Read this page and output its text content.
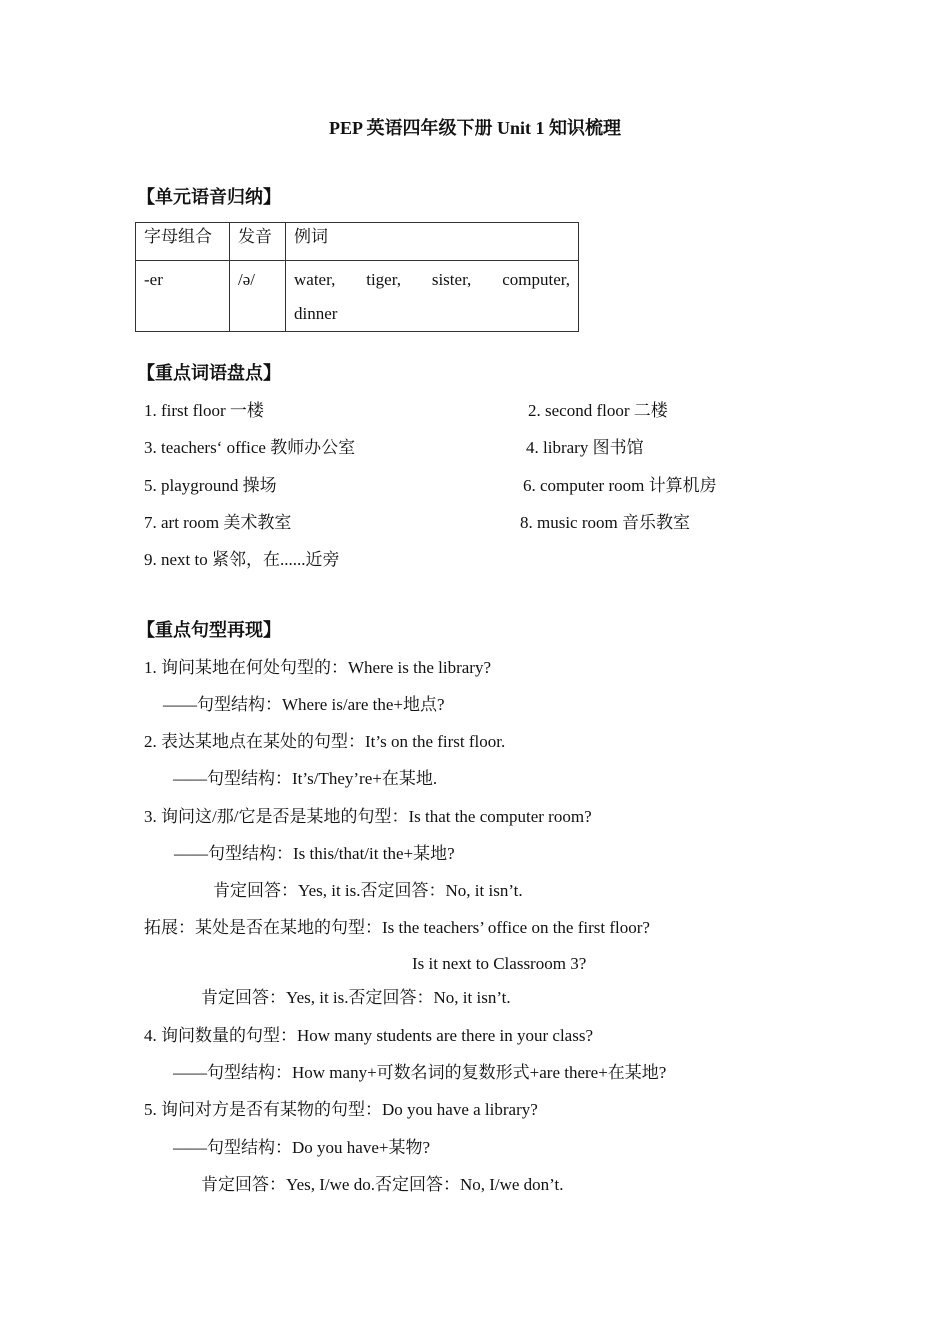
PEP 英语四年级下册 Unit 1 知识梳理
【单元语音归纳】
字母组合	发音	例词
-er	/ə/	water, tiger, sister, computer,
dinner
【重点词语盘点】
1. first floor 一楼	2. second floor 二楼
3. teachers‘ office 教师办公室	4. library 图书馆
5. playground 操场	6. computer room 计算机房
7. art room 美术教室	8. music room 音乐教室
9. next to 紧邻，在......近旁
【重点句型再现】
1. 询问某地在何处句型的：Where is the library?
——句型结构：Where is/are the+地点?
2. 表达某地点在某处的句型：It’s on the first floor.
——句型结构：It’s/They’re+在某地.
3. 询问这/那/它是否是某地的句型：Is that the computer room?
——句型结构：Is this/that/it the+某地?
肯定回答：Yes, it is.否定回答：No, it isn’t.
拓展：某处是否在某地的句型：Is the teachers’ office on the first floor?
Is it next to Classroom 3?
肯定回答：Yes, it is.否定回答：No, it isn’t.
4. 询问数量的句型：How many students are there in your class?
——句型结构：How many+可数名词的复数形式+are there+在某地?
5. 询问对方是否有某物的句型：Do you have a library?
——句型结构：Do you have+某物?
肯定回答：Yes, I/we do.否定回答：No, I/we don’t.
